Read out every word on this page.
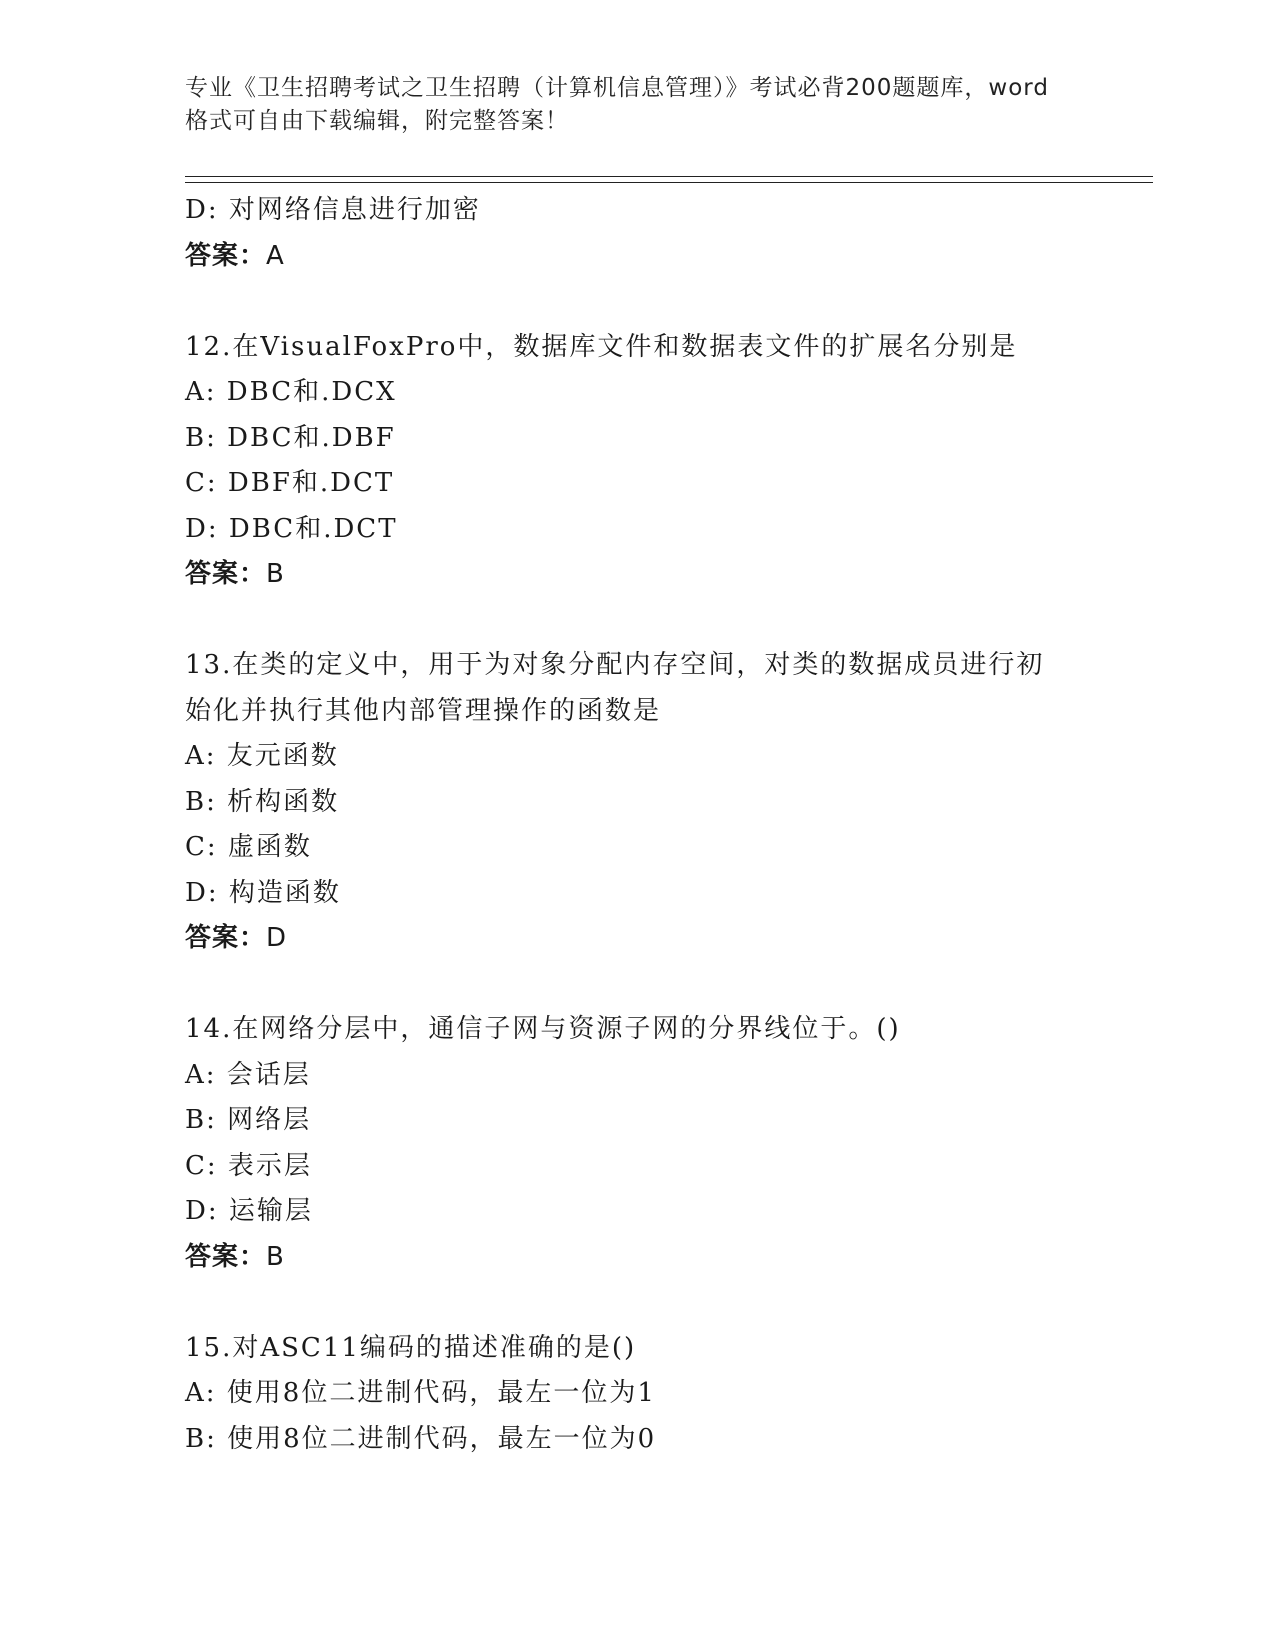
专业《卫生招聘考试之卫生招聘（计算机信息管理）》考试必背200题题库，word
格式可自由下载编辑，附完整答案！
D: 对网络信息进行加密
答案：A
12.在VisualFoxPro中，数据库文件和数据表文件的扩展名分别是
A: DBC和.DCX
B: DBC和.DBF
C: DBF和.DCT
D: DBC和.DCT
答案：B
13.在类的定义中，用于为对象分配内存空间，对类的数据成员进行初
始化并执行其他内部管理操作的函数是
A: 友元函数
B: 析构函数
C: 虚函数
D: 构造函数
答案：D
14.在网络分层中，通信子网与资源子网的分界线位于。()
A: 会话层
B: 网络层
C: 表示层
D: 运输层
答案：B
15.对ASC11编码的描述准确的是()
A: 使用8位二进制代码，最左一位为1
B: 使用8位二进制代码，最左一位为0
